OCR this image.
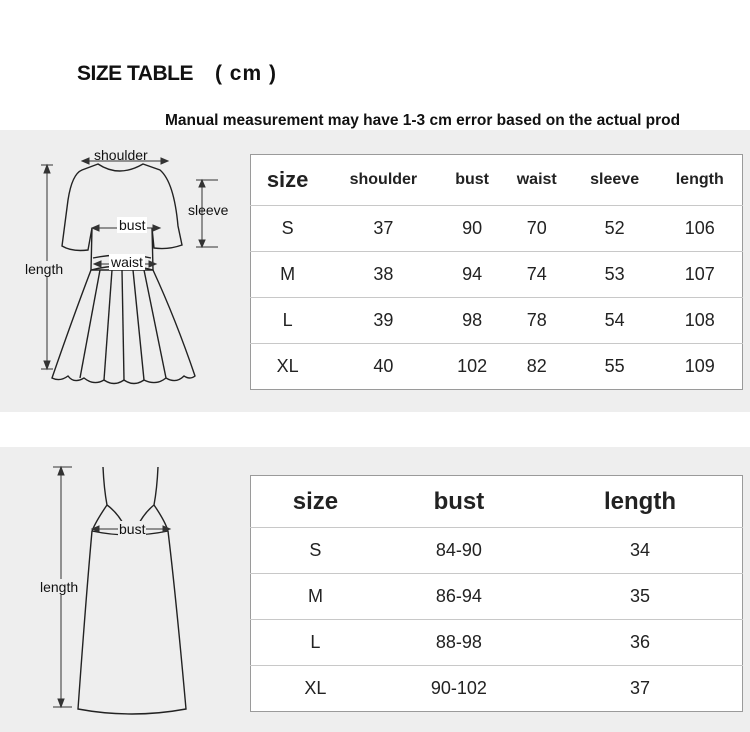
SIZE TABLE ( cm )
Manual measurement may have 1-3 cm error based on the actual prod
shoulder
sleeve
bust
waist
length
size	shoulder	bust	waist	sleeve	length
S	37	90	70	52	106
M	38	94	74	53	107
L	39	98	78	54	108
XL	40	102	82	55	109
bust
length
size	bust	length
S	84-90	34
M	86-94	35
L	88-98	36
XL	90-102	37
